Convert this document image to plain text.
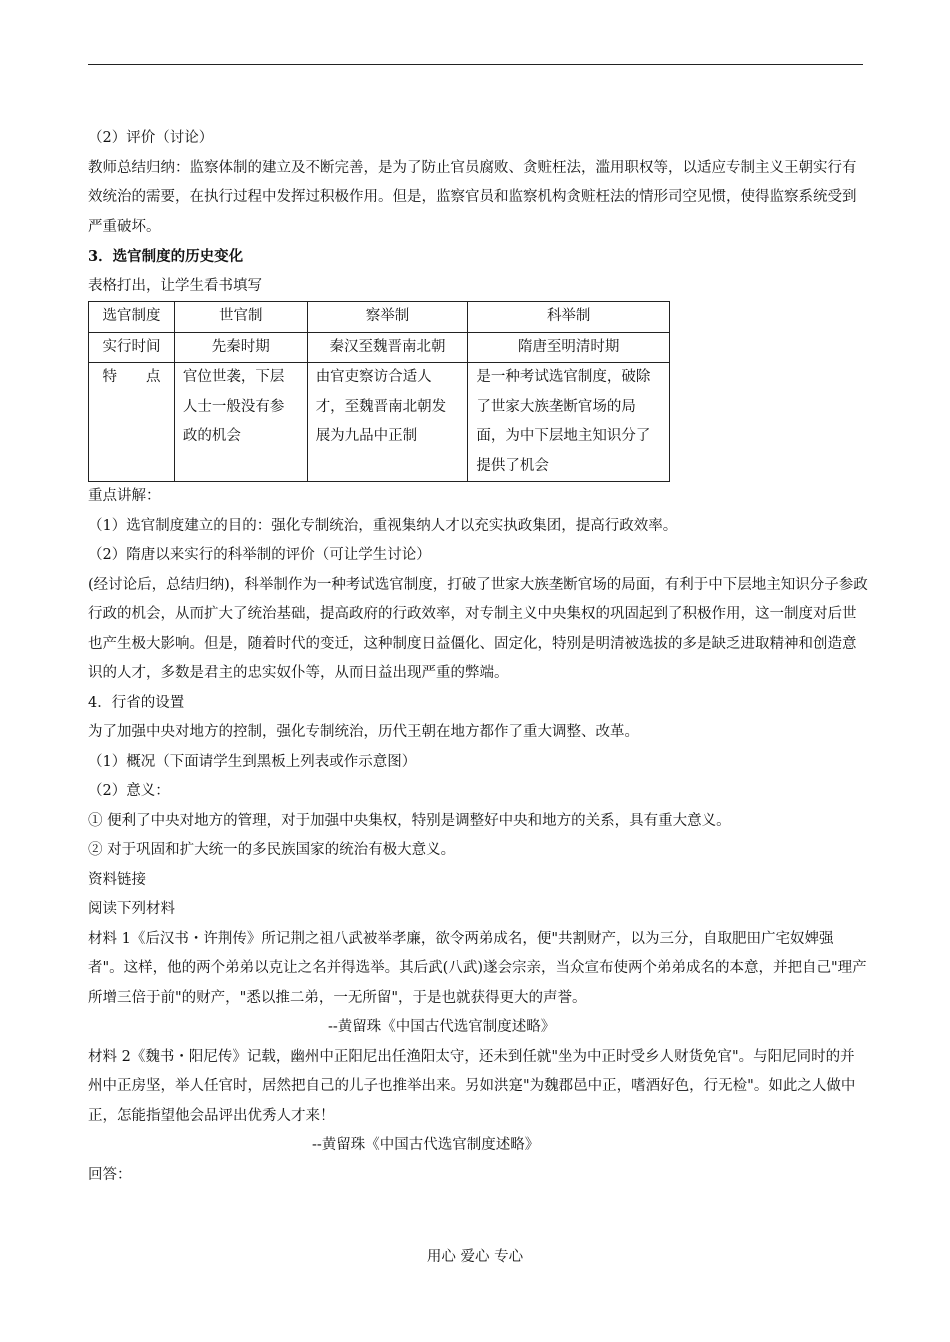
（2）评价（讨论）

教师总结归纳：监察体制的建立及不断完善，是为了防止官员腐败、贪赃枉法，滥用职权等，以适应专制主义王朝实行有效统治的需要，在执行过程中发挥过积极作用。但是，监察官员和监察机构贪赃枉法的情形司空见惯，使得监察系统受到严重破坏。

3．选官制度的历史变化

表格打出，让学生看书填写

选官制度	世官制	察举制	科举制
实行时间	先秦时期	秦汉至魏晋南北朝	隋唐至明清时期
特　　点	官位世袭，下层人士一般没有参政的机会	由官吏察访合适人才，至魏晋南北朝发展为九品中正制	是一种考试选官制度，破除了世家大族垄断官场的局面，为中下层地主知识分了提供了机会

重点讲解：

（1）选官制度建立的目的：强化专制统治，重视集纳人才以充实执政集团，提高行政效率。

（2）隋唐以来实行的科举制的评价（可让学生讨论）

(经讨论后，总结归纳)，科举制作为一种考试选官制度，打破了世家大族垄断官场的局面，有利于中下层地主知识分子参政行政的机会，从而扩大了统治基础，提高政府的行政效率，对专制主义中央集权的巩固起到了积极作用，这一制度对后世也产生极大影响。但是，随着时代的变迁，这种制度日益僵化、固定化，特别是明清被选拔的多是缺乏进取精神和创造意识的人才，多数是君主的忠实奴仆等，从而日益出现严重的弊端。

4．行省的设置

为了加强中央对地方的控制，强化专制统治，历代王朝在地方都作了重大调整、改革。

（1）概况（下面请学生到黑板上列表或作示意图）

（2）意义：

① 便利了中央对地方的管理，对于加强中央集权，特别是调整好中央和地方的关系，具有重大意义。

② 对于巩固和扩大统一的多民族国家的统治有极大意义。

资料链接

阅读下列材料

材料 1《后汉书・许荆传》所记荆之祖八武被举孝廉，欲令两弟成名，便"共割财产，以为三分，自取肥田广宅奴婢强者"。这样，他的两个弟弟以克让之名并得选举。其后武(八武)遂会宗亲，当众宣布使两个弟弟成名的本意，并把自己"理产所增三倍于前"的财产，"悉以推二弟，一无所留"，于是也就获得更大的声誉。

--黄留珠《中国古代选官制度述略》

材料 2《魏书・阳尼传》记载，幽州中正阳尼出任渔阳太守，还未到任就"坐为中正时受乡人财货免官"。与阳尼同时的并州中正房坚，举人任官时，居然把自己的儿子也推举出来。另如洪寔"为魏郡邑中正，嗜酒好色，行无检"。如此之人做中正，怎能指望他会品评出优秀人才来！

--黄留珠《中国古代选官制度述略》

回答：

用心 爱心 专心
